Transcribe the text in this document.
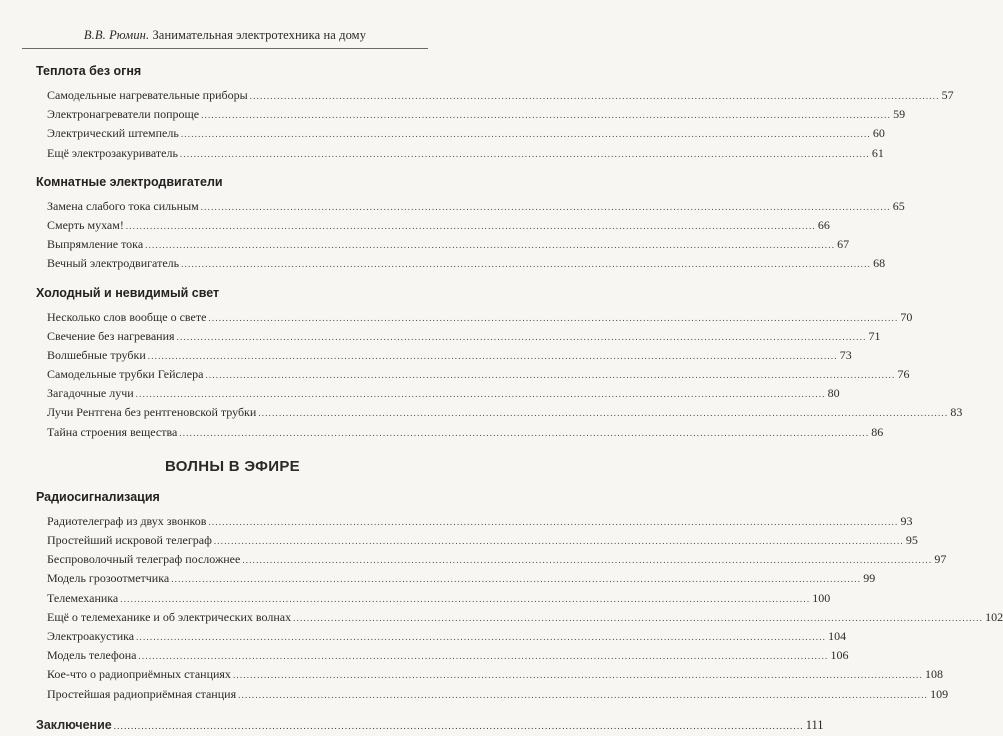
В.В. Рюмин. Занимательная электротехника на дому
Теплота без огня
Самодельные нагревательные приборы ........................................................................................................................................................................................................ 57
Электронагреватели попроще ........................................................................................................................................................................................................ 59
Электрический штемпель ........................................................................................................................................................................................................ 60
Ещё электрозакуриватель ........................................................................................................................................................................................................ 61
Комнатные электродвигатели
Замена слабого тока сильным ........................................................................................................................................................................................................ 65
Смерть мухам! ........................................................................................................................................................................................................ 66
Выпрямление тока ........................................................................................................................................................................................................ 67
Вечный электродвигатель ........................................................................................................................................................................................................ 68
Холодный и невидимый свет
Несколько слов вообще о свете ........................................................................................................................................................................................................ 70
Свечение без нагревания ........................................................................................................................................................................................................ 71
Волшебные трубки ........................................................................................................................................................................................................ 73
Самодельные трубки Гейслера ........................................................................................................................................................................................................ 76
Загадочные лучи ........................................................................................................................................................................................................ 80
Лучи Рентгена без рентгеновской трубки ........................................................................................................................................................................................................ 83
Тайна строения вещества ........................................................................................................................................................................................................ 86
ВОЛНЫ В ЭФИРЕ
Радиосигнализация
Радиотелеграф из двух звонков ........................................................................................................................................................................................................ 93
Простейший искровой телеграф ........................................................................................................................................................................................................ 95
Беспроволочный телеграф посложнее ........................................................................................................................................................................................................ 97
Модель грозоотметчика ........................................................................................................................................................................................................ 99
Телемеханика ........................................................................................................................................................................................................ 100
Ещё о телемеханике и об электрических волнах ........................................................................................................................................................................................................ 102
Электроакустика ........................................................................................................................................................................................................ 104
Модель телефона ........................................................................................................................................................................................................ 106
Кое-что о радиоприёмных станциях ........................................................................................................................................................................................................ 108
Простейшая радиоприёмная станция ........................................................................................................................................................................................................ 109
Заключение ........................................................................................................................................................................................................ 111
